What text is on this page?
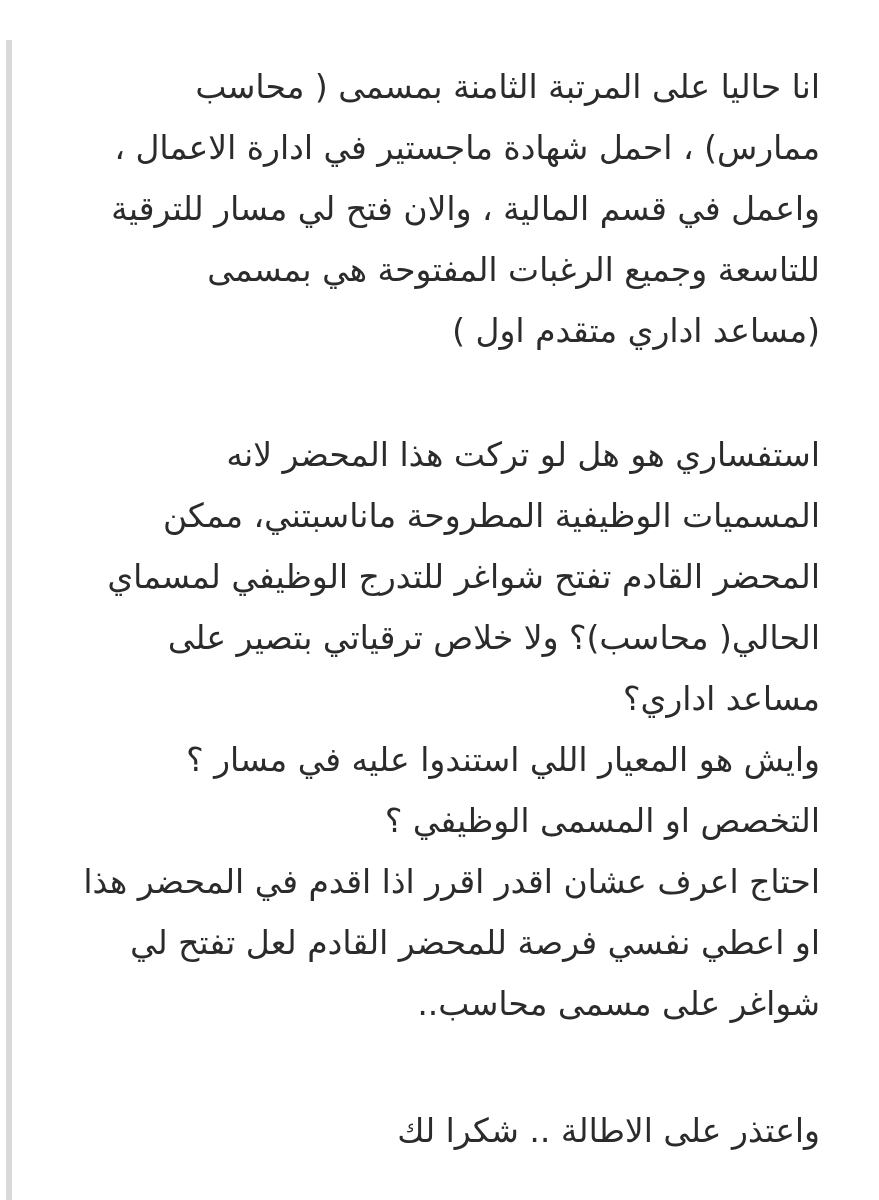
انا حاليا على المرتبة الثامنة بمسمى ( محاسب
ممارس) ، احمل شهادة ماجستير في ادارة الاعمال ،
واعمل في قسم المالية ، والان فتح لي مسار للترقية
للتاسعة وجميع الرغبات المفتوحة هي بمسمى
(مساعد اداري متقدم اول )
استفساري هو هل لو تركت هذا المحضر لانه
المسميات الوظيفية المطروحة ماناسبتني، ممكن
المحضر القادم تفتح شواغر للتدرج الوظيفي لمسماي
الحالي( محاسب)؟ ولا خلاص ترقياتي بتصير على
مساعد اداري؟
وايش هو المعيار اللي استندوا عليه في مسار ؟
التخصص او المسمى الوظيفي ؟
احتاج اعرف عشان اقدر اقرر اذا اقدم في المحضر هذا
او اعطي نفسي فرصة للمحضر القادم لعل تفتح لي
شواغر على مسمى محاسب..
واعتذر على الاطالة .. شكرا لك
